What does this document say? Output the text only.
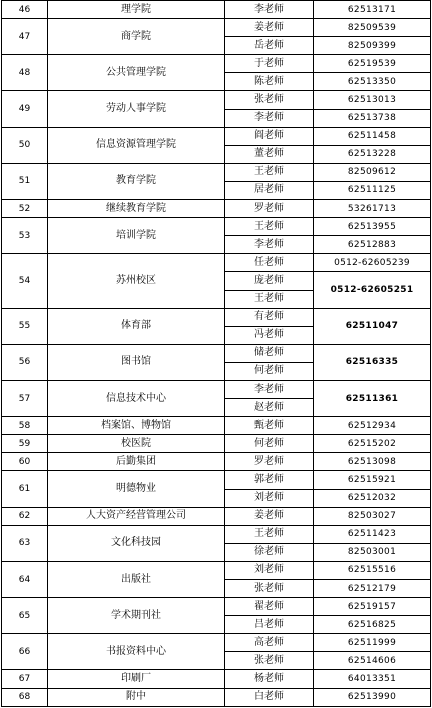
46	理学院	李老师	62513171
47	商学院	姜老师	82509539
		岳老师	82509399
48	公共管理学院	于老师	62519539
		陈老师	62513350
49	劳动人事学院	张老师	62513013
		李老师	62513738
50	信息资源管理学院	阎老师	62511458
		董老师	62513228
51	教育学院	王老师	82509612
		居老师	62511125
52	继续教育学院	罗老师	53261713
53	培训学院	王老师	62513955
		李老师	62512883
54	苏州校区	任老师	0512-62605239
		庞老师	0512-62605251
		王老师	
55	体育部	有老师	62511047
		冯老师	
56	图书馆	储老师	62516335
		何老师	
57	信息技术中心	李老师	62511361
		赵老师	
58	档案馆、博物馆	甄老师	62512934
59	校医院	何老师	62515202
60	后勤集团	罗老师	62513098
61	明德物业	郭老师	62515921
		刘老师	62512032
62	人大资产经营管理公司	姜老师	82503027
63	文化科技园	王老师	62511423
		徐老师	82503001
64	出版社	刘老师	62515516
		张老师	62512179
65	学术期刊社	翟老师	62519157
		吕老师	62516825
66	书报资料中心	高老师	62511999
		张老师	62514606
67	印刷厂	杨老师	64013351
68	附中	白老师	62513990
